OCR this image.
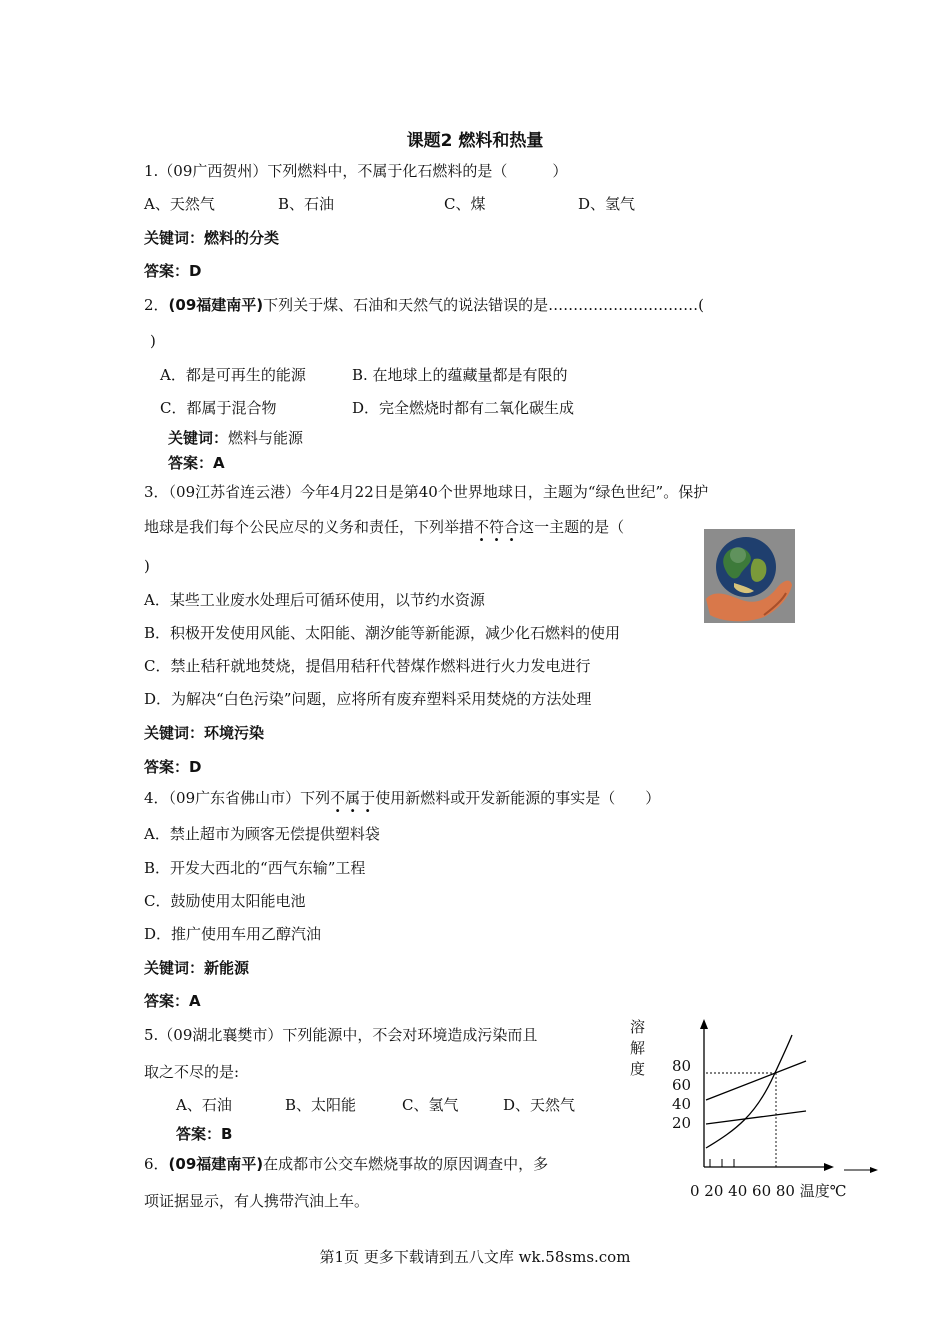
课题2 燃料和热量
1.（09广西贺州）下列燃料中，不属于化石燃料的是（　　　）
A、天然气	B、石油	C、煤	D、氢气
关键词：燃料的分类
答案：D
2．(09福建南平)下列关于煤、石油和天然气的说法错误的是…………………………(
)
A．都是可再生的能源	B. 在地球上的蕴藏量都是有限的
C．都属于混合物	D．完全燃烧时都有二氧化碳生成
关键词：燃料与能源
答案：A
3．（09江苏省连云港）今年4月22日是第40个世界地球日，主题为“绿色世纪”。保护
地球是我们每个公民应尽的义务和责任，下列举措不符合这一主题的是（
)
A．某些工业废水处理后可循环使用，以节约水资源
B．积极开发使用风能、太阳能、潮汐能等新能源，减少化石燃料的使用
C．禁止秸秆就地焚烧，提倡用秸秆代替煤作燃料进行火力发电进行
D．为解决“白色污染”问题，应将所有废弃塑料采用焚烧的方法处理
关键词：环境污染
答案：D
4．（09广东省佛山市）下列不属于使用新燃料或开发新能源的事实是（　　）
A．禁止超市为顾客无偿提供塑料袋
B．开发大西北的“西气东输”工程
C．鼓励使用太阳能电池
D．推广使用车用乙醇汽油
关键词：新能源
答案：A
5.（09湖北襄樊市）下列能源中，不会对环境造成污染而且
取之不尽的是:
A、石油	B、太阳能	C、氢气	D、天然气
答案：B
6．(09福建南平)在成都市公交车燃烧事故的原因调查中，多
项证据显示，有人携带汽油上车。
溶
解
度	80
60
40
20
0 20 40 60 80 温度℃
第1页 更多下载请到五八文库 wk.58sms.com
